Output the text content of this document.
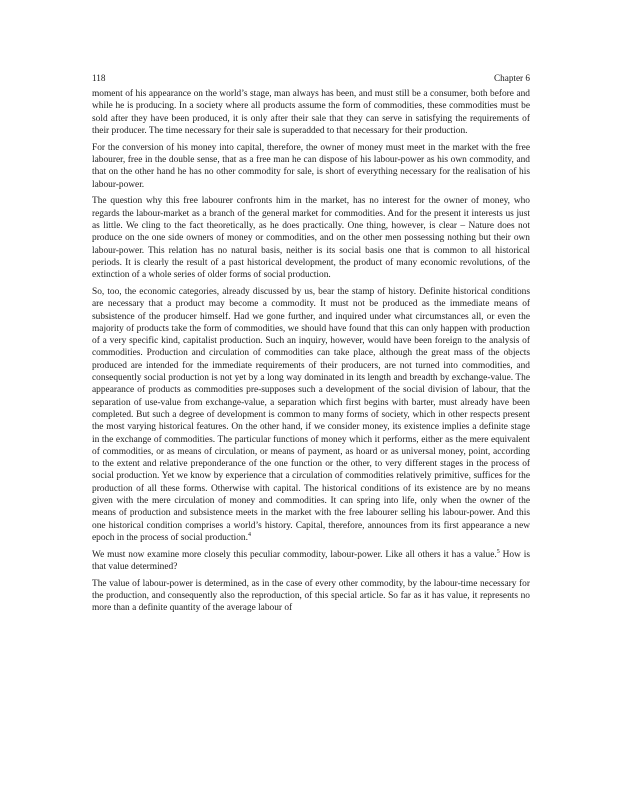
118	Chapter 6

moment of his appearance on the world’s stage, man always has been, and must still be a consumer, both before and while he is producing. In a society where all products assume the form of commodities, these commodities must be sold after they have been produced, it is only after their sale that they can serve in satisfying the requirements of their producer. The time necessary for their sale is superadded to that necessary for their production.

For the conversion of his money into capital, therefore, the owner of money must meet in the market with the free labourer, free in the double sense, that as a free man he can dispose of his labour-power as his own commodity, and that on the other hand he has no other commodity for sale, is short of everything necessary for the realisation of his labour-power.

The question why this free labourer confronts him in the market, has no interest for the owner of money, who regards the labour-market as a branch of the general market for commodities. And for the present it interests us just as little. We cling to the fact theoretically, as he does practically. One thing, however, is clear – Nature does not produce on the one side owners of money or commodities, and on the other men possessing nothing but their own labour-power. This relation has no natural basis, neither is its social basis one that is common to all historical periods. It is clearly the result of a past historical development, the product of many economic revolutions, of the extinction of a whole series of older forms of social production.

So, too, the economic categories, already discussed by us, bear the stamp of history. Definite historical conditions are necessary that a product may become a commodity. It must not be produced as the immediate means of subsistence of the producer himself. Had we gone further, and inquired under what circumstances all, or even the majority of products take the form of commodities, we should have found that this can only happen with production of a very specific kind, capitalist production. Such an inquiry, however, would have been foreign to the analysis of commodities. Production and circulation of commodities can take place, although the great mass of the objects produced are intended for the immediate requirements of their producers, are not turned into commodities, and consequently social production is not yet by a long way dominated in its length and breadth by exchange-value. The appearance of products as commodities pre-supposes such a development of the social division of labour, that the separation of use-value from exchange-value, a separation which first begins with barter, must already have been completed. But such a degree of development is common to many forms of society, which in other respects present the most varying historical features. On the other hand, if we consider money, its existence implies a definite stage in the exchange of commodities. The particular functions of money which it performs, either as the mere equivalent of commodities, or as means of circulation, or means of payment, as hoard or as universal money, point, according to the extent and relative preponderance of the one function or the other, to very different stages in the process of social production. Yet we know by experience that a circulation of commodities relatively primitive, suffices for the production of all these forms. Otherwise with capital. The historical conditions of its existence are by no means given with the mere circulation of money and commodities. It can spring into life, only when the owner of the means of production and subsistence meets in the market with the free labourer selling his labour-power. And this one historical condition comprises a world’s history. Capital, therefore, announces from its first appearance a new epoch in the process of social production.$^4$

We must now examine more closely this peculiar commodity, labour-power. Like all others it has a value.$^5$ How is that value determined?

The value of labour-power is determined, as in the case of every other commodity, by the labour-time necessary for the production, and consequently also the reproduction, of this special article. So far as it has value, it represents no more than a definite quantity of the average labour of
